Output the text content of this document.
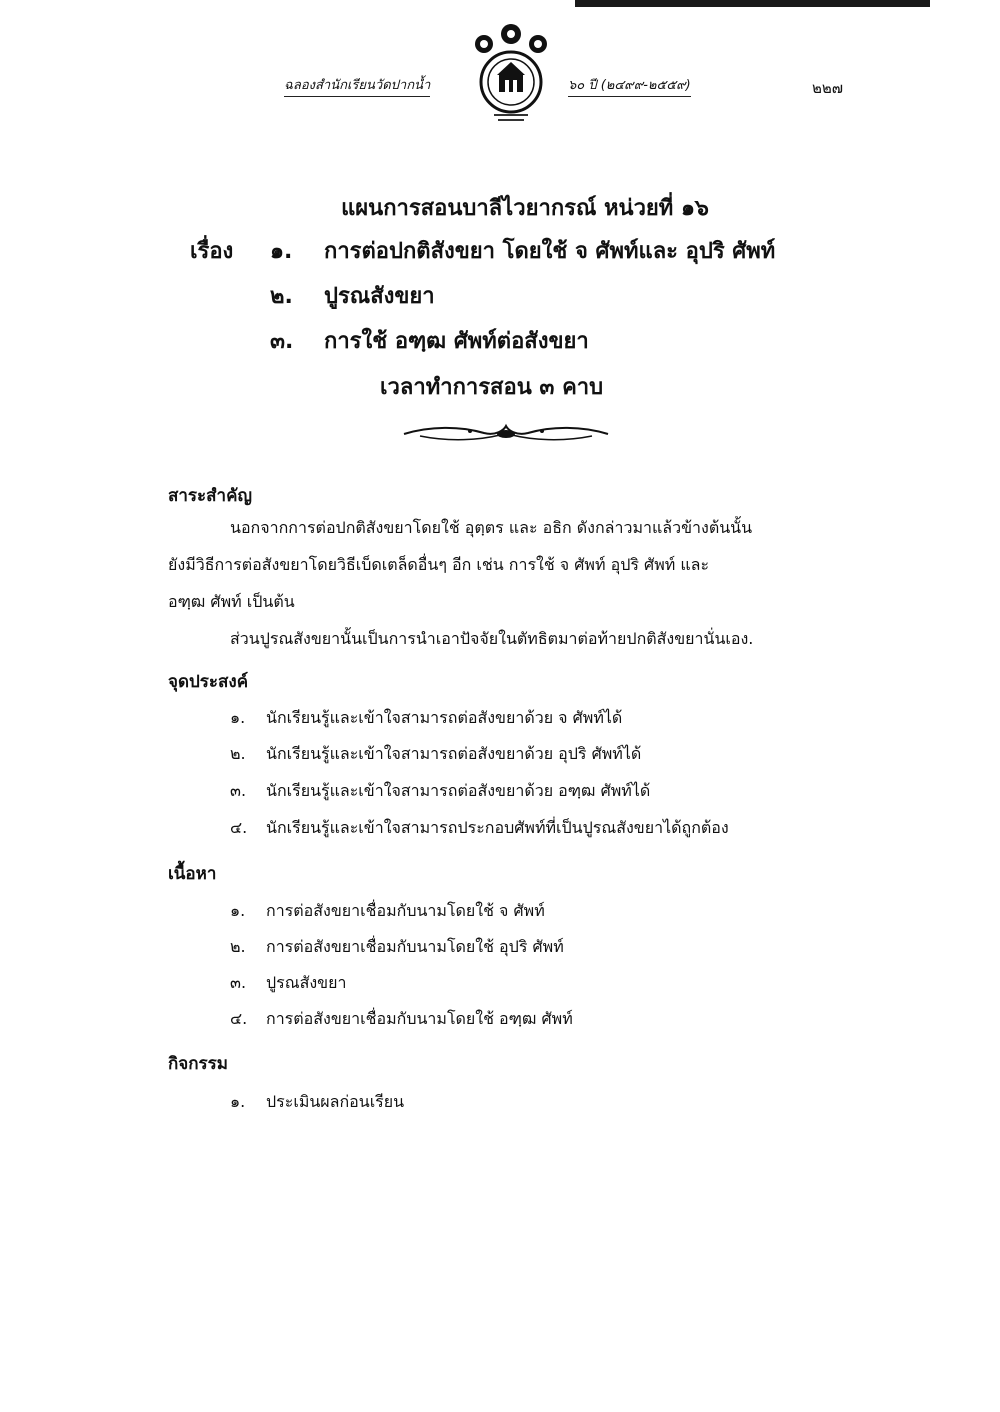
ฉลองสำนักเรียนวัดปากน้ำ	๖๐ ปี (๒๔๙๙-๒๕๕๙)	๒๒๗
แผนการสอนบาลีไวยากรณ์ หน่วยที่ ๑๖
เรื่อง ๑. การต่อปกติสังขยา โดยใช้ จ ศัพท์และ อุปริ ศัพท์
๒. ปูรณสังขยา
๓. การใช้ อฑฺฒ ศัพท์ต่อสังขยา
เวลาทำการสอน ๓ คาบ
สาระสำคัญ
นอกจากการต่อปกติสังขยาโดยใช้ อุตฺตร และ อธิก ดังกล่าวมาแล้วข้างต้นนั้น
ยังมีวิธีการต่อสังขยาโดยวิธีเบ็ดเตล็ดอื่นๆ อีก เช่น การใช้ จ ศัพท์ อุปริ ศัพท์ และ
อฑฺฒ ศัพท์ เป็นต้น
ส่วนปูรณสังขยานั้นเป็นการนำเอาปัจจัยในตัทธิตมาต่อท้ายปกติสังขยานั่นเอง.
จุดประสงค์
๑. นักเรียนรู้และเข้าใจสามารถต่อสังขยาด้วย จ ศัพท์ได้
๒. นักเรียนรู้และเข้าใจสามารถต่อสังขยาด้วย อุปริ ศัพท์ได้
๓. นักเรียนรู้และเข้าใจสามารถต่อสังขยาด้วย อฑฺฒ ศัพท์ได้
๔. นักเรียนรู้และเข้าใจสามารถประกอบศัพท์ที่เป็นปูรณสังขยาได้ถูกต้อง
เนื้อหา
๑. การต่อสังขยาเชื่อมกับนามโดยใช้ จ ศัพท์
๒. การต่อสังขยาเชื่อมกับนามโดยใช้ อุปริ ศัพท์
๓. ปูรณสังขยา
๔. การต่อสังขยาเชื่อมกับนามโดยใช้ อฑฺฒ ศัพท์
กิจกรรม
๑. ประเมินผลก่อนเรียน
